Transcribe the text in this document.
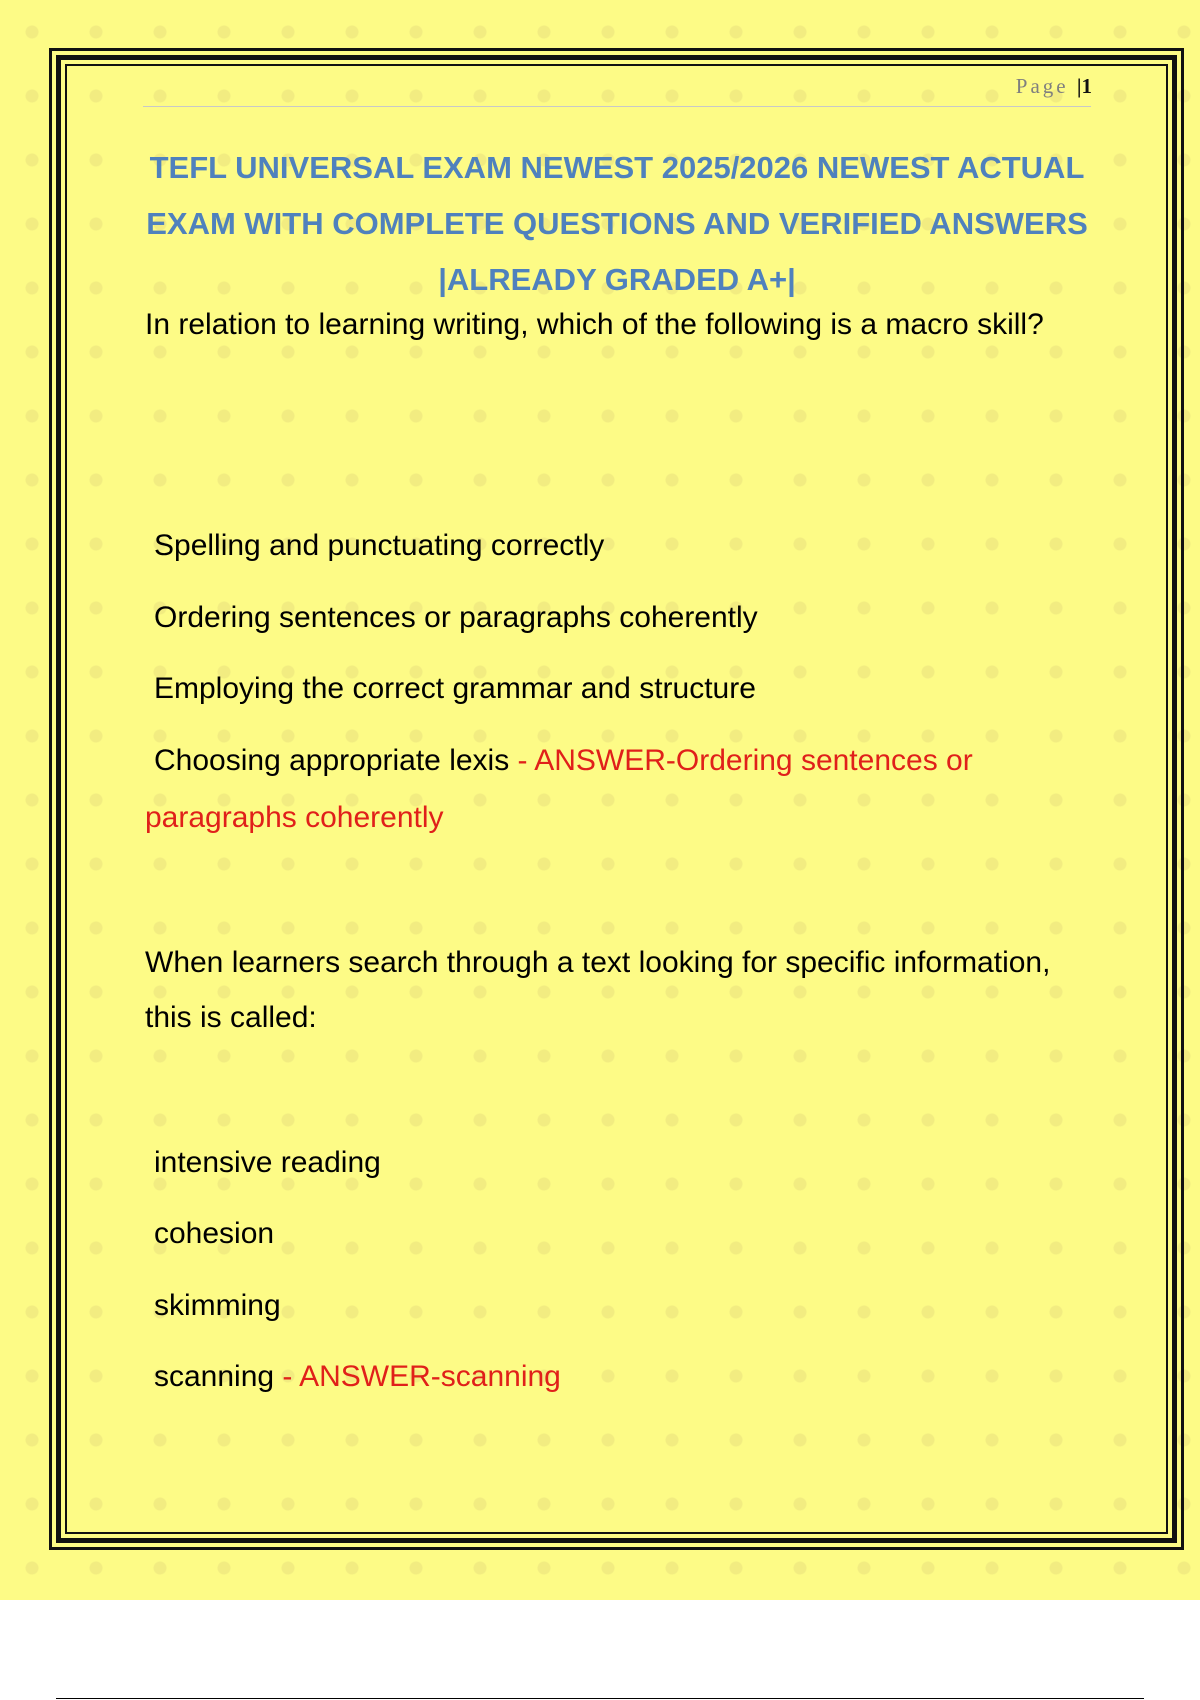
Page |1
TEFL UNIVERSAL EXAM NEWEST 2025/2026 NEWEST ACTUAL EXAM WITH COMPLETE QUESTIONS AND VERIFIED ANSWERS |ALREADY GRADED A+|
In relation to learning writing, which of the following is a macro skill?
Spelling and punctuating correctly
Ordering sentences or paragraphs coherently
Employing the correct grammar and structure
Choosing appropriate lexis - ANSWER-Ordering sentences or
paragraphs coherently
When learners search through a text looking for specific information, this is called:
intensive reading
cohesion
skimming
scanning - ANSWER-scanning
